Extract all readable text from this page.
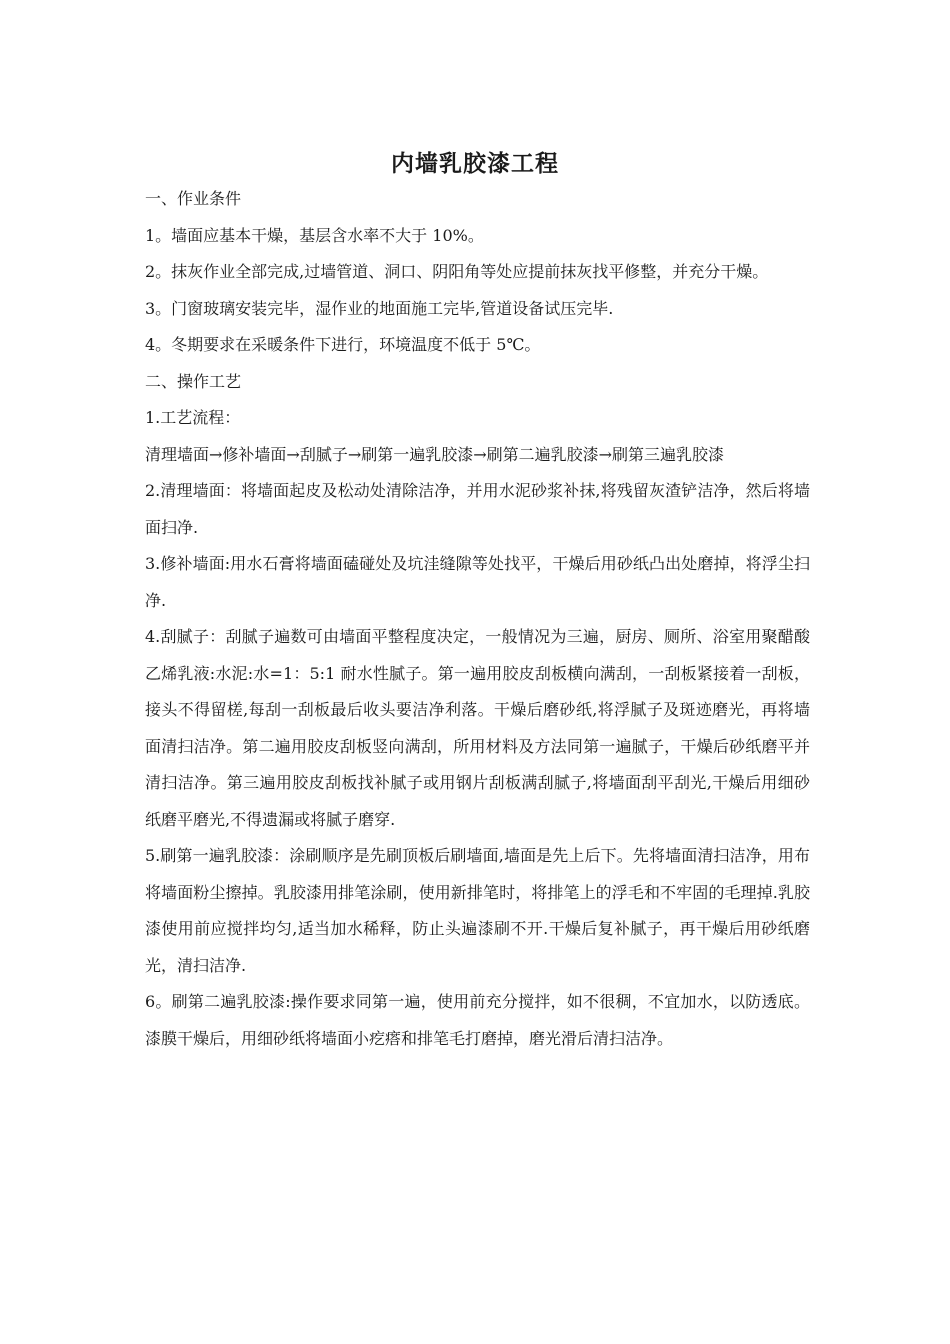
内墙乳胶漆工程

一、作业条件

1。墙面应基本干燥，基层含水率不大于 10%。

2。抹灰作业全部完成,过墙管道、洞口、阴阳角等处应提前抹灰找平修整，并充分干燥。

3。门窗玻璃安装完毕，湿作业的地面施工完毕,管道设备试压完毕.

4。冬期要求在采暖条件下进行，环境温度不低于 5℃。

二、操作工艺

1.工艺流程：

清理墙面→修补墙面→刮腻子→刷第一遍乳胶漆→刷第二遍乳胶漆→刷第三遍乳胶漆

2.清理墙面：将墙面起皮及松动处清除洁净，并用水泥砂浆补抹,将残留灰渣铲洁净，然后将墙面扫净.

3.修补墙面:用水石膏将墙面磕碰处及坑洼缝隙等处找平，干燥后用砂纸凸出处磨掉，将浮尘扫净.

4.刮腻子：刮腻子遍数可由墙面平整程度决定，一般情况为三遍，厨房、厕所、浴室用聚醋酸乙烯乳液:水泥:水=1：5:1 耐水性腻子。第一遍用胶皮刮板横向满刮，一刮板紧接着一刮板，接头不得留槎,每刮一刮板最后收头要洁净利落。干燥后磨砂纸,将浮腻子及斑迹磨光，再将墙面清扫洁净。第二遍用胶皮刮板竖向满刮，所用材料及方法同第一遍腻子，干燥后砂纸磨平并清扫洁净。第三遍用胶皮刮板找补腻子或用钢片刮板满刮腻子,将墙面刮平刮光,干燥后用细砂纸磨平磨光,不得遗漏或将腻子磨穿.

5.刷第一遍乳胶漆：涂刷顺序是先刷顶板后刷墙面,墙面是先上后下。先将墙面清扫洁净，用布将墙面粉尘擦掉。乳胶漆用排笔涂刷，使用新排笔时，将排笔上的浮毛和不牢固的毛理掉.乳胶漆使用前应搅拌均匀,适当加水稀释，防止头遍漆刷不开.干燥后复补腻子，再干燥后用砂纸磨光，清扫洁净.

6。刷第二遍乳胶漆:操作要求同第一遍，使用前充分搅拌，如不很稠，不宜加水，以防透底。漆膜干燥后，用细砂纸将墙面小疙瘩和排笔毛打磨掉，磨光滑后清扫洁净。
